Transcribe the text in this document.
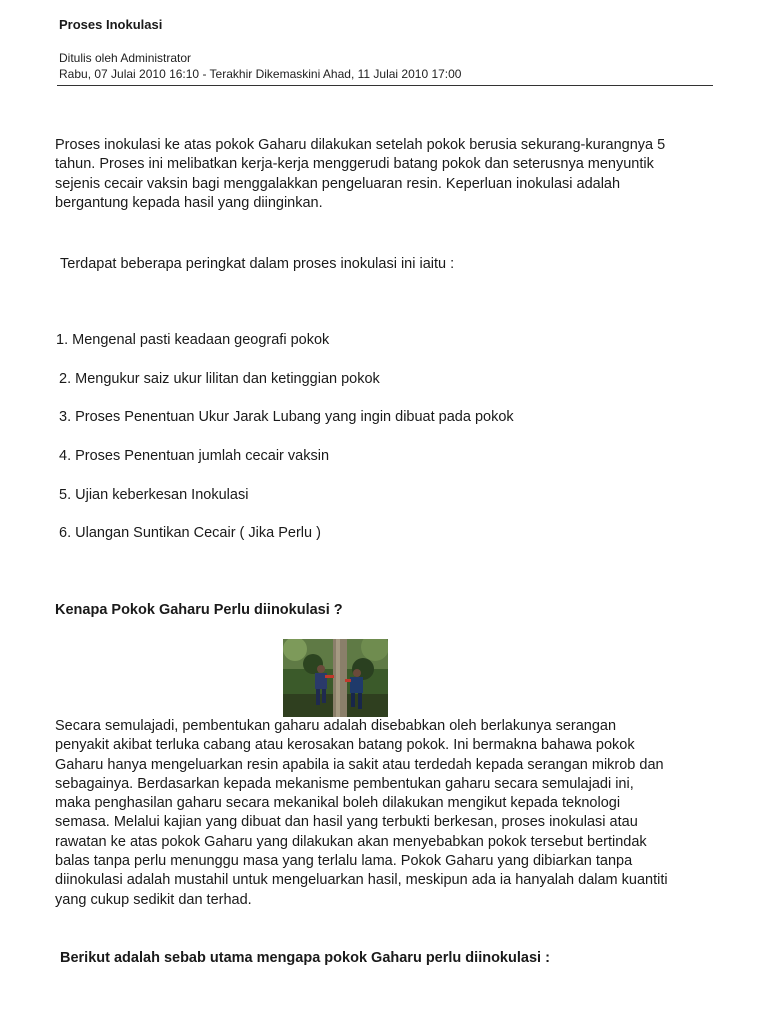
Proses Inokulasi
Ditulis oleh Administrator
Rabu, 07 Julai 2010 16:10 - Terakhir Dikemaskini Ahad, 11 Julai 2010 17:00
Proses inokulasi ke atas pokok Gaharu dilakukan setelah pokok berusia sekurang-kurangnya 5
tahun. Proses ini melibatkan kerja-kerja menggerudi batang pokok dan seterusnya menyuntik
sejenis cecair vaksin bagi menggalakkan pengeluaran resin. Keperluan inokulasi adalah
bergantung kepada hasil yang diinginkan.
Terdapat beberapa peringkat dalam proses inokulasi ini iaitu :
1. Mengenal pasti keadaan geografi pokok
2. Mengukur saiz ukur lilitan dan ketinggian pokok
3. Proses Penentuan Ukur Jarak Lubang yang ingin dibuat pada pokok
4. Proses Penentuan jumlah cecair vaksin
5. Ujian keberkesan Inokulasi
6. Ulangan Suntikan Cecair ( Jika Perlu )
Kenapa Pokok Gaharu Perlu diinokulasi ?
Secara semulajadi, pembentukan gaharu adalah disebabkan oleh berlakunya serangan
penyakit akibat terluka cabang atau kerosakan batang pokok. Ini bermakna bahawa pokok
Gaharu hanya mengeluarkan resin apabila ia sakit atau terdedah kepada serangan mikrob dan
sebagainya. Berdasarkan kepada mekanisme pembentukan gaharu secara semulajadi ini,
maka penghasilan gaharu secara mekanikal boleh dilakukan mengikut kepada teknologi
semasa. Melalui kajian yang dibuat dan hasil yang terbukti berkesan, proses inokulasi atau
rawatan ke atas pokok Gaharu yang dilakukan akan menyebabkan pokok tersebut bertindak
balas tanpa perlu menunggu masa yang terlalu lama. Pokok Gaharu yang dibiarkan tanpa
diinokulasi adalah mustahil untuk mengeluarkan hasil, meskipun ada ia hanyalah dalam kuantiti
yang cukup sedikit dan terhad.
Berikut adalah sebab utama mengapa pokok Gaharu perlu diinokulasi :
